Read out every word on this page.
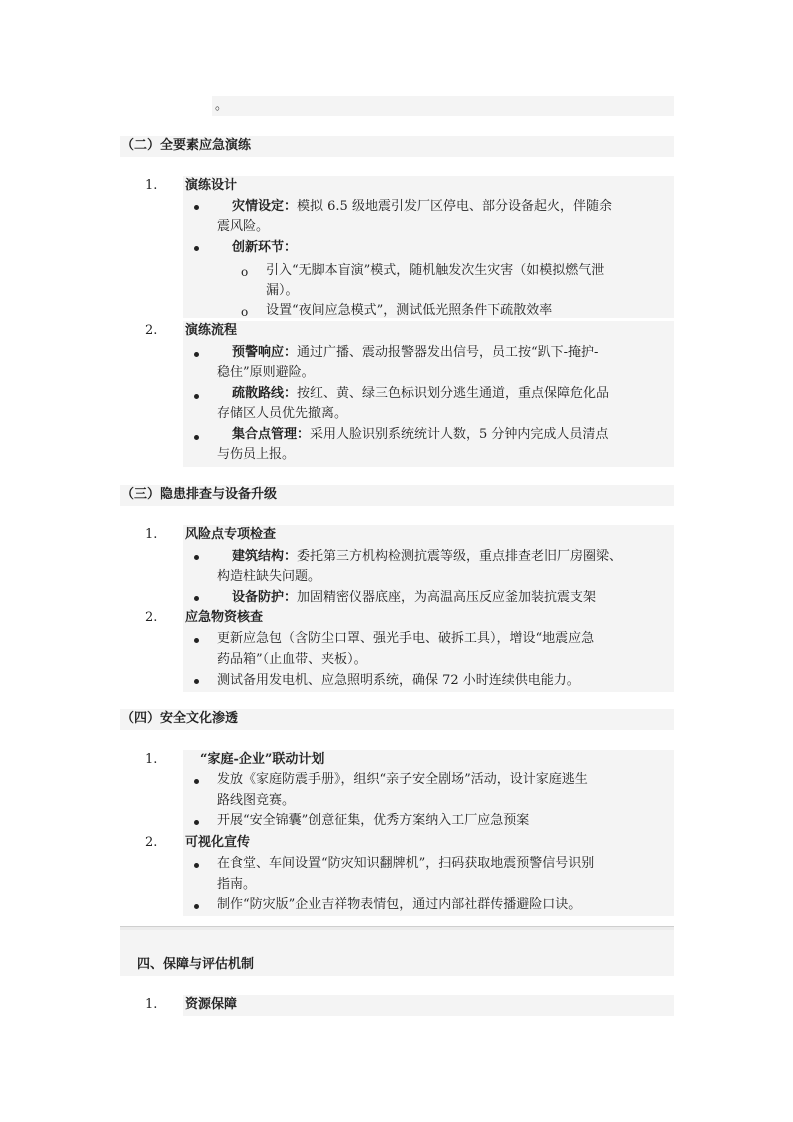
。
（二）全要素应急演练
1. 演练设计
灾情设定：模拟 6.5 级地震引发厂区停电、部分设备起火，伴随余
震风险。
创新环节：
o 引入“无脚本盲演”模式，随机触发次生灾害（如模拟燃气泄
漏）。
o 设置“夜间应急模式”，测试低光照条件下疏散效率
2. 演练流程
预警响应：通过广播、震动报警器发出信号，员工按“趴下-掩护-
稳住”原则避险。
疏散路线：按红、黄、绿三色标识划分逃生通道，重点保障危化品
存储区人员优先撤离。
集合点管理：采用人脸识别系统统计人数，5 分钟内完成人员清点
与伤员上报。
（三）隐患排查与设备升级
1. 风险点专项检查
建筑结构：委托第三方机构检测抗震等级，重点排查老旧厂房圈梁、
构造柱缺失问题。
设备防护：加固精密仪器底座，为高温高压反应釜加装抗震支架
2. 应急物资核查
更新应急包（含防尘口罩、强光手电、破拆工具），增设“地震应急
药品箱”（止血带、夹板）。
测试备用发电机、应急照明系统，确保 72 小时连续供电能力。
（四）安全文化渗透
1.	“家庭-企业”联动计划
发放《家庭防震手册》，组织“亲子安全剧场”活动，设计家庭逃生
路线图竞赛。
开展“安全锦囊”创意征集，优秀方案纳入工厂应急预案
2. 可视化宣传
在食堂、车间设置“防灾知识翻牌机”，扫码获取地震预警信号识别
指南。
制作“防灾版”企业吉祥物表情包，通过内部社群传播避险口诀。
四、保障与评估机制
1. 资源保障
